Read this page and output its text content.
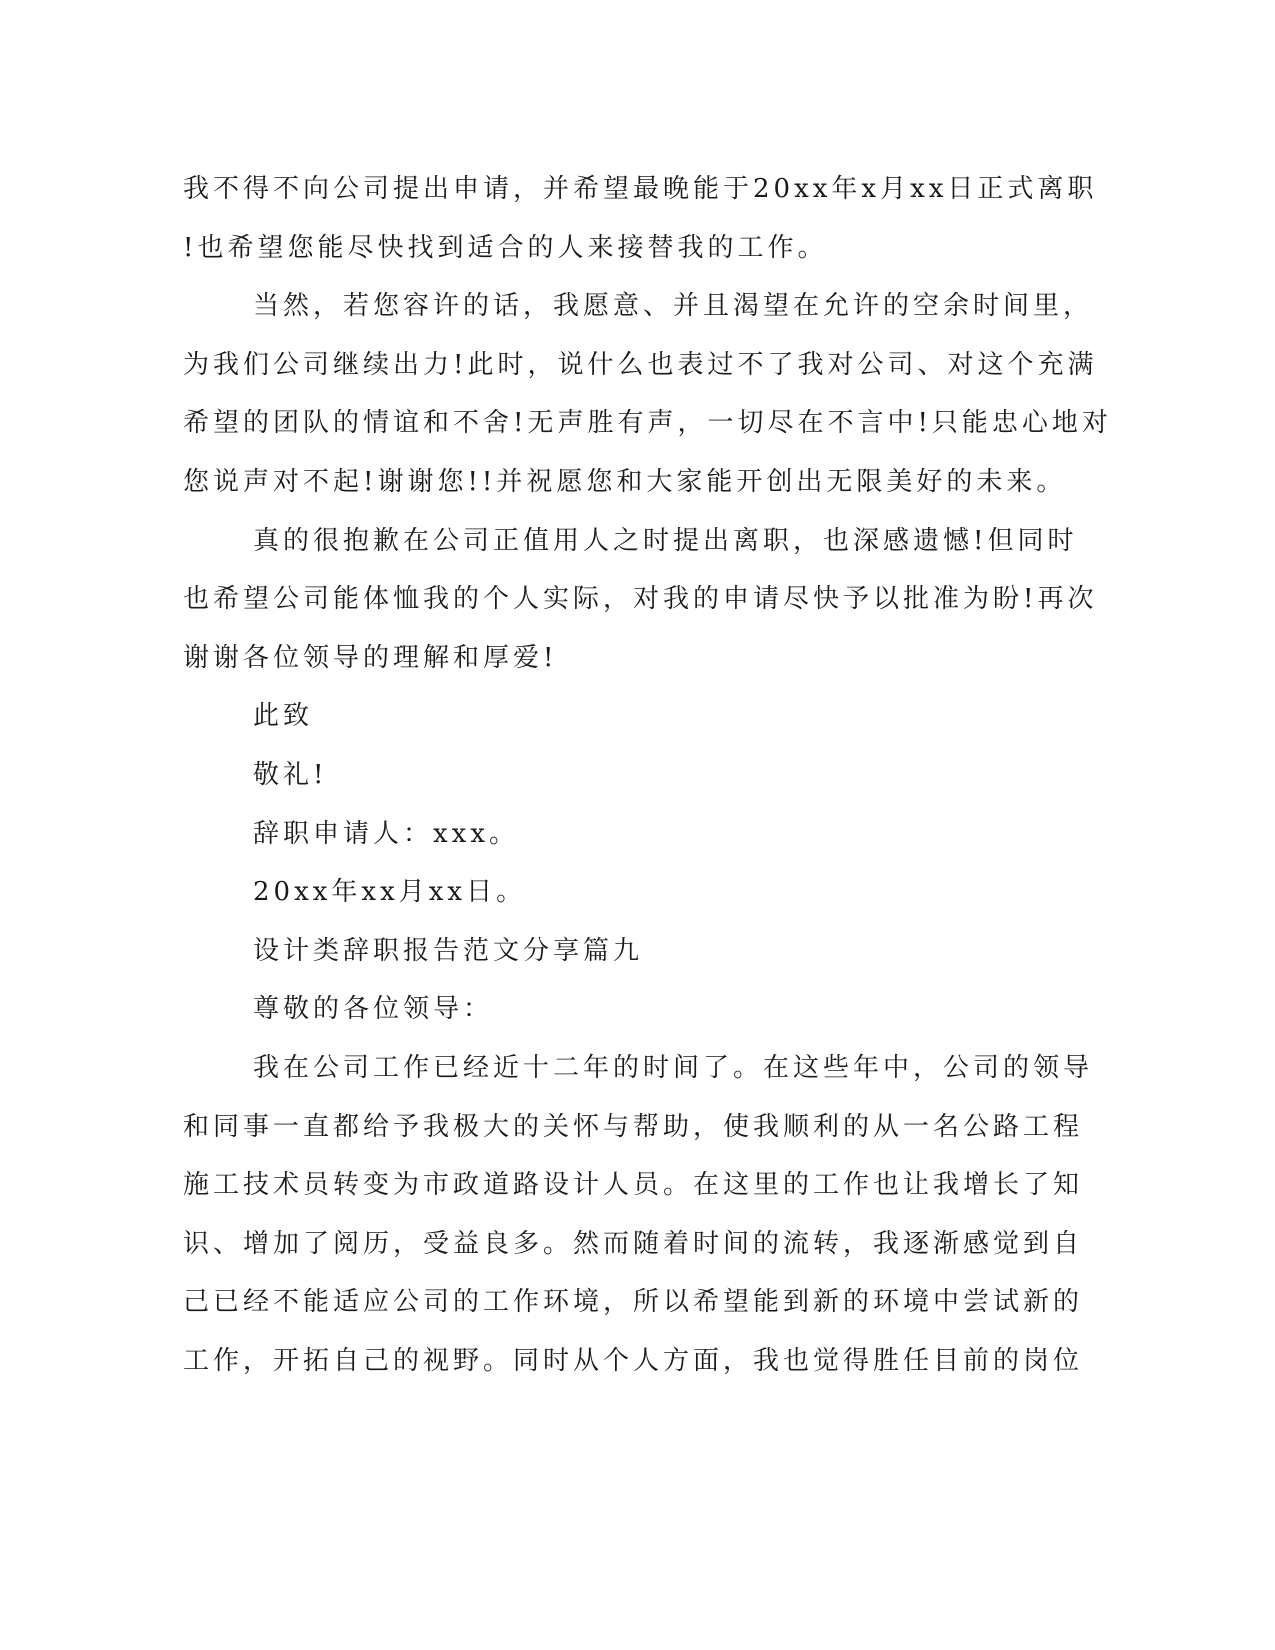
我不得不向公司提出申请，并希望最晚能于20xx年x月xx日正式离职
!也希望您能尽快找到适合的人来接替我的工作。
当然，若您容许的话，我愿意、并且渴望在允许的空余时间里，
为我们公司继续出力!此时，说什么也表过不了我对公司、对这个充满
希望的团队的情谊和不舍!无声胜有声，一切尽在不言中!只能忠心地对
您说声对不起!谢谢您!!并祝愿您和大家能开创出无限美好的未来。
真的很抱歉在公司正值用人之时提出离职，也深感遗憾!但同时
也希望公司能体恤我的个人实际，对我的申请尽快予以批准为盼!再次
谢谢各位领导的理解和厚爱!
此致
敬礼!
辞职申请人：xxx。
20xx年xx月xx日。
设计类辞职报告范文分享篇九
尊敬的各位领导：
我在公司工作已经近十二年的时间了。在这些年中，公司的领导
和同事一直都给予我极大的关怀与帮助，使我顺利的从一名公路工程
施工技术员转变为市政道路设计人员。在这里的工作也让我增长了知
识、增加了阅历，受益良多。然而随着时间的流转，我逐渐感觉到自
己已经不能适应公司的工作环境，所以希望能到新的环境中尝试新的
工作，开拓自己的视野。同时从个人方面，我也觉得胜任目前的岗位
